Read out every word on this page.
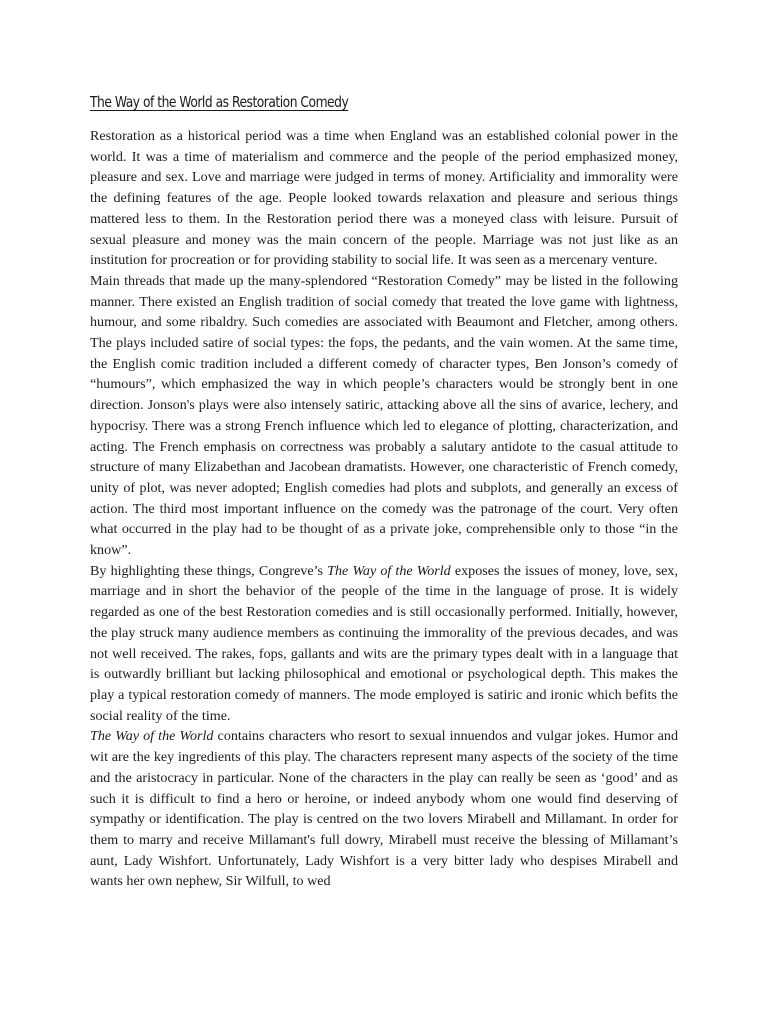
The Way of the World as Restoration Comedy

Restoration as a historical period was a time when England was an established colonial power in the world. It was a time of materialism and commerce and the people of the period emphasized money, pleasure and sex. Love and marriage were judged in terms of money. Artificiality and immorality were the defining features of the age. People looked towards relaxation and pleasure and serious things mattered less to them. In the Restoration period there was a moneyed class with leisure. Pursuit of sexual pleasure and money was the main concern of the people. Marriage was not just like as an institution for procreation or for providing stability to social life. It was seen as a mercenary venture.

Main threads that made up the many-splendored “Restoration Comedy” may be listed in the following manner. There existed an English tradition of social comedy that treated the love game with lightness, humour, and some ribaldry. Such comedies are associated with Beaumont and Fletcher, among others. The plays included satire of social types: the fops, the pedants, and the vain women. At the same time, the English comic tradition included a different comedy of character types, Ben Jonson’s comedy of “humours”, which emphasized the way in which people’s characters would be strongly bent in one direction. Jonson's plays were also intensely satiric, attacking above all the sins of avarice, lechery, and hypocrisy. There was a strong French influence which led to elegance of plotting, characterization, and acting. The French emphasis on correctness was probably a salutary antidote to the casual attitude to structure of many Elizabethan and Jacobean dramatists. However, one characteristic of French comedy, unity of plot, was never adopted; English comedies had plots and subplots, and generally an excess of action. The third most important influence on the comedy was the patronage of the court. Very often what occurred in the play had to be thought of as a private joke, comprehensible only to those “in the know”.

By highlighting these things, Congreve’s The Way of the World exposes the issues of money, love, sex, marriage and in short the behavior of the people of the time in the language of prose. It is widely regarded as one of the best Restoration comedies and is still occasionally performed. Initially, however, the play struck many audience members as continuing the immorality of the previous decades, and was not well received. The rakes, fops, gallants and wits are the primary types dealt with in a language that is outwardly brilliant but lacking philosophical and emotional or psychological depth. This makes the play a typical restoration comedy of manners. The mode employed is satiric and ironic which befits the social reality of the time.

The Way of the World contains characters who resort to sexual innuendos and vulgar jokes. Humor and wit are the key ingredients of this play. The characters represent many aspects of the society of the time and the aristocracy in particular. None of the characters in the play can really be seen as ‘good’ and as such it is difficult to find a hero or heroine, or indeed anybody whom one would find deserving of sympathy or identification. The play is centred on the two lovers Mirabell and Millamant. In order for them to marry and receive Millamant's full dowry, Mirabell must receive the blessing of Millamant’s aunt, Lady Wishfort. Unfortunately, Lady Wishfort is a very bitter lady who despises Mirabell and wants her own nephew, Sir Wilfull, to wed
